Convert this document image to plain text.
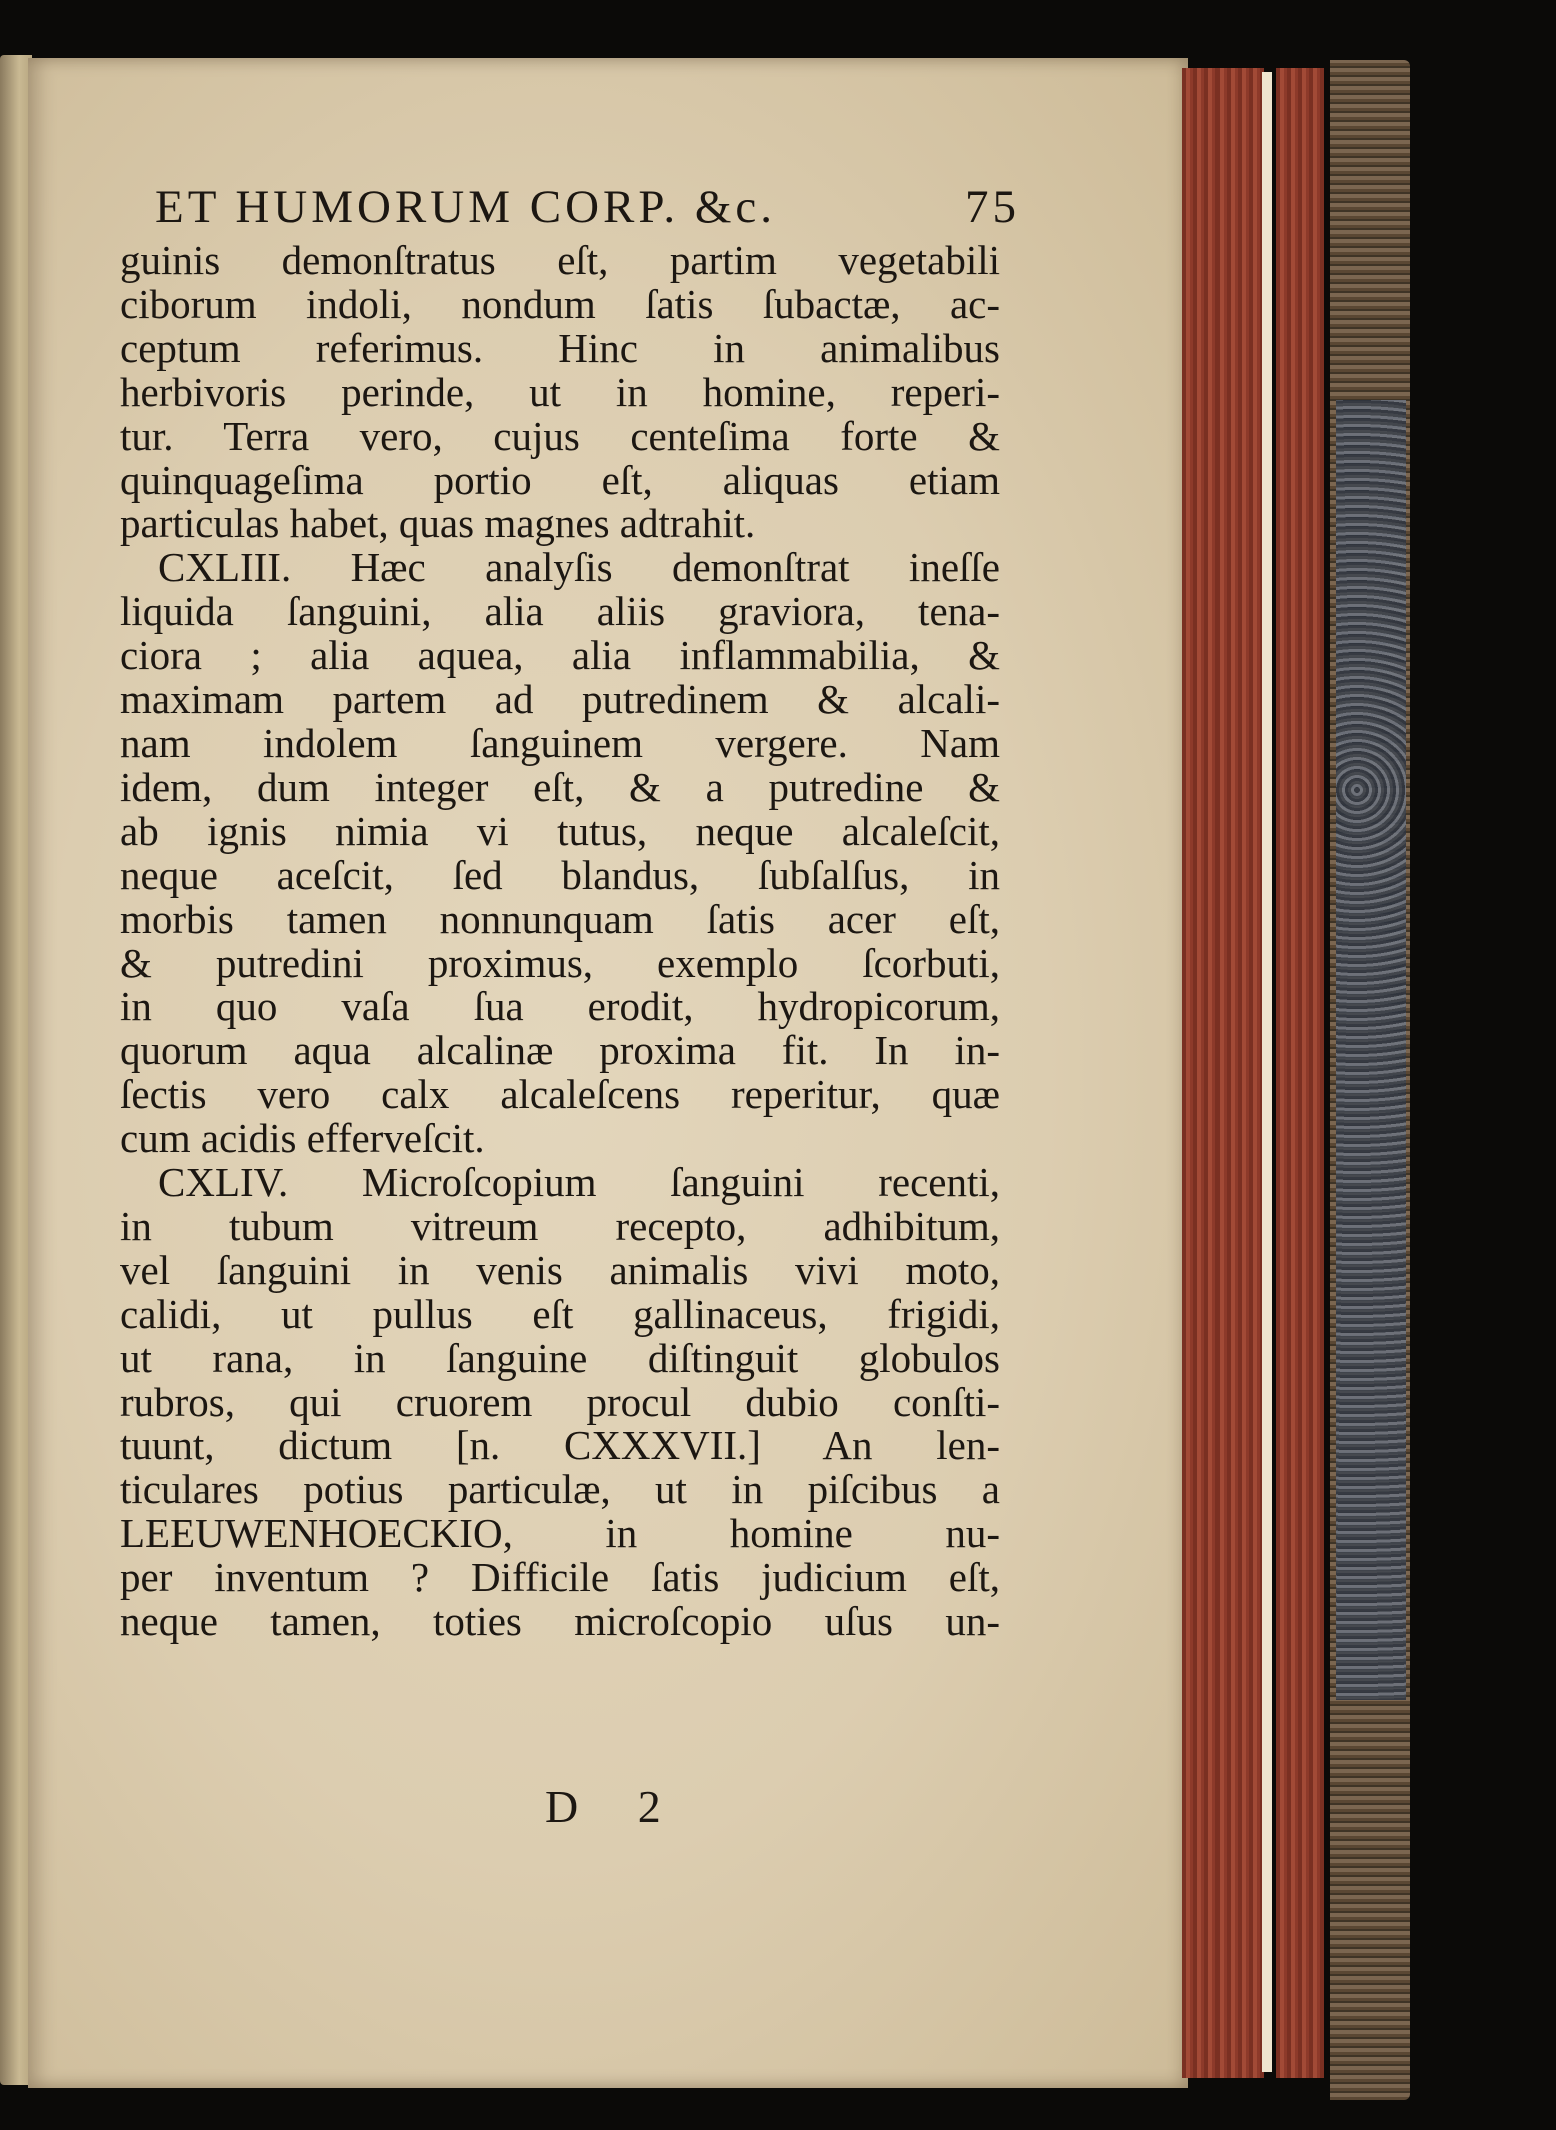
ET HUMORUM CORP. &c.	75
guinis demonſtratus eſt, partim vegetabili
ciborum indoli, nondum ſatis ſubactæ, ac-
ceptum referimus. Hinc in animalibus
herbivoris perinde, ut in homine, reperi-
tur. Terra vero, cujus centeſima forte &
quinquageſima portio eſt, aliquas etiam
particulas habet, quas magnes adtrahit.
CXLIII. Hæc analyſis demonſtrat ineſſe
liquida ſanguini, alia aliis graviora, tena-
ciora ; alia aquea, alia inflammabilia, &
maximam partem ad putredinem & alcali-
nam indolem ſanguinem vergere. Nam
idem, dum integer eſt, & a putredine &
ab ignis nimia vi tutus, neque alcaleſcit,
neque aceſcit, ſed blandus, ſubſalſus, in
morbis tamen nonnunquam ſatis acer eſt,
& putredini proximus, exemplo ſcorbuti,
in quo vaſa ſua erodit, hydropicorum,
quorum aqua alcalinæ proxima fit. In in-
ſectis vero calx alcaleſcens reperitur, quæ
cum acidis efferveſcit.
CXLIV. Microſcopium ſanguini recenti,
in tubum vitreum recepto, adhibitum,
vel ſanguini in venis animalis vivi moto,
calidi, ut pullus eſt gallinaceus, frigidi,
ut rana, in ſanguine diſtinguit globulos
rubros, qui cruorem procul dubio conſti-
tuunt, dictum [n. CXXXVII.] An len-
ticulares potius particulæ, ut in piſcibus a
LEEUWENHOECKIO, in homine nu-
per inventum ? Difficile ſatis judicium eſt,
neque tamen, toties microſcopio uſus un-
D 2
